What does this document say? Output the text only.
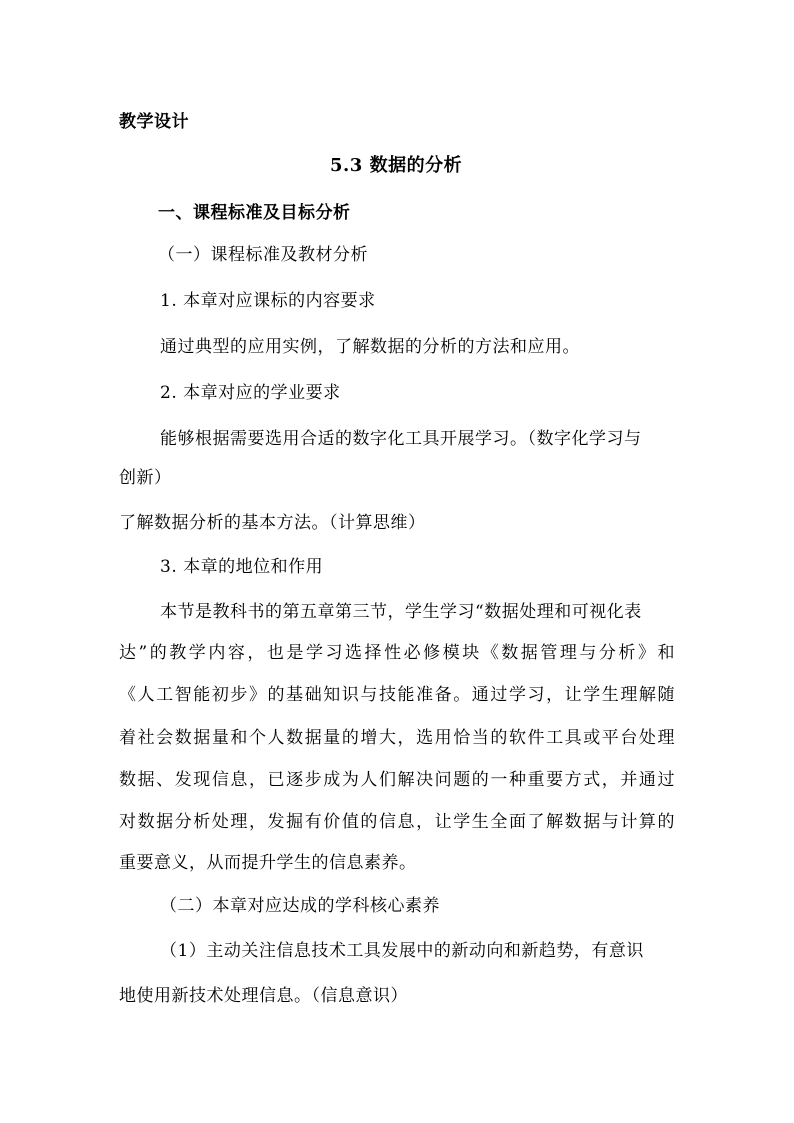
教学设计
5.3 数据的分析
一、课程标准及目标分析
（一）课程标准及教材分析
1. 本章对应课标的内容要求
通过典型的应用实例，了解数据的分析的方法和应用。
2. 本章对应的学业要求
能够根据需要选用合适的数字化工具开展学习。（数字化学习与
创新）
了解数据分析的基本方法。（计算思维）
3. 本章的地位和作用
本节是教科书的第五章第三节，学生学习“数据处理和可视化表
达”的教学内容，也是学习选择性必修模块《数据管理与分析》和
《人工智能初步》的基础知识与技能准备。通过学习，让学生理解随
着社会数据量和个人数据量的增大，选用恰当的软件工具或平台处理
数据、发现信息，已逐步成为人们解决问题的一种重要方式，并通过
对数据分析处理，发掘有价值的信息，让学生全面了解数据与计算的
重要意义，从而提升学生的信息素养。
（二）本章对应达成的学科核心素养
（1）主动关注信息技术工具发展中的新动向和新趋势，有意识
地使用新技术处理信息。（信息意识）
